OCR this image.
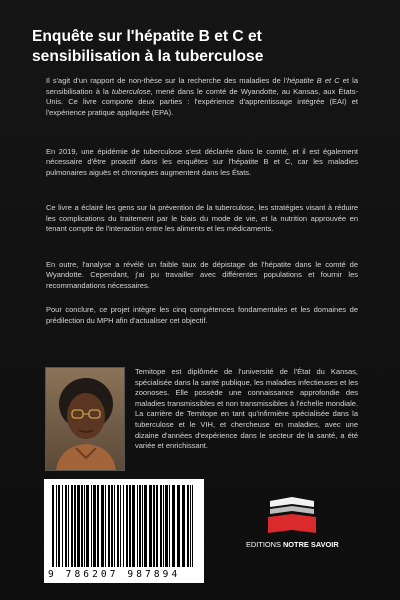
Enquête sur l'hépatite B et C et
sensibilisation à la tuberculose

Il s'agit d'un rapport de non-thèse sur la recherche des maladies de l'hépatite B et C et la sensibilisation à la tuberculose, mené dans le comté de Wyandotte, au Kansas, aux États-Unis. Ce livre comporte deux parties : l'expérience d'apprentissage intégrée (EAI) et l'expérience pratique appliquée (EPA).

En 2019, une épidémie de tuberculose s'est déclarée dans le comté, et il est également nécessaire d'être proactif dans les enquêtes sur l'hépatite B et C, car les maladies pulmonaires aiguës et chroniques augmentent dans les États.

Ce livre a éclairé les gens sur la prévention de la tuberculose, les stratégies visant à réduire les complications du traitement par le biais du mode de vie, et la nutrition approuvée en tenant compte de l'interaction entre les aliments et les médicaments.

En outre, l'analyse a révélé un faible taux de dépistage de l'hépatite dans le comté de Wyandotte. Cependant, j'ai pu travailler avec différentes populations et fournir les recommandations nécessaires.

Pour conclure, ce projet intègre les cinq compétences fondamentales et les domaines de prédilection du MPH afin d'actualiser cet objectif.

Temitope est diplômée de l'université de l'État du Kansas, spécialisée dans la santé publique, les maladies infectieuses et les zoonoses. Elle possède une connaissance approfondie des maladies transmissibles et non transmissibles à l'échelle mondiale. La carrière de Temitope en tant qu'infirmière spécialisée dans la tuberculose et le VIH, et chercheuse en maladies, avec une dizaine d'années d'expérience dans le secteur de la santé, a été variée et enrichissant.

9 786207 987894
EDITIONS NOTRE SAVOIR
